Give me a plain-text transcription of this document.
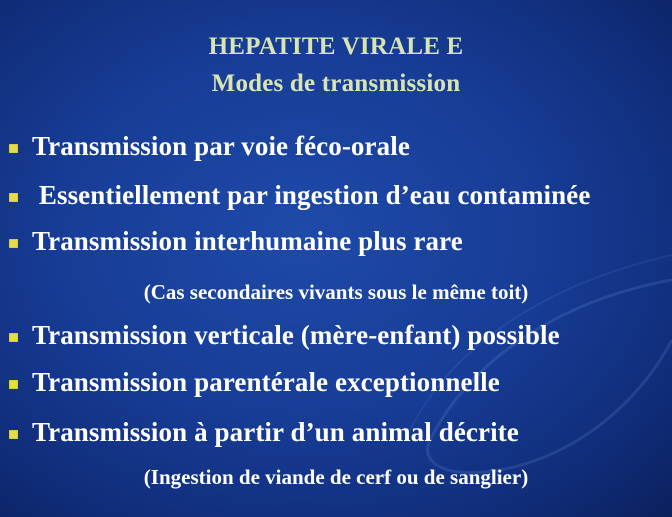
HEPATITE VIRALE E
Modes de transmission
Transmission par voie féco-orale
Essentiellement par ingestion d’eau contaminée
Transmission interhumaine plus rare
(Cas secondaires vivants sous le même toit)
Transmission verticale (mère-enfant) possible
Transmission parentérale exceptionnelle
Transmission à partir d’un animal décrite
(Ingestion de viande de cerf ou de sanglier)
